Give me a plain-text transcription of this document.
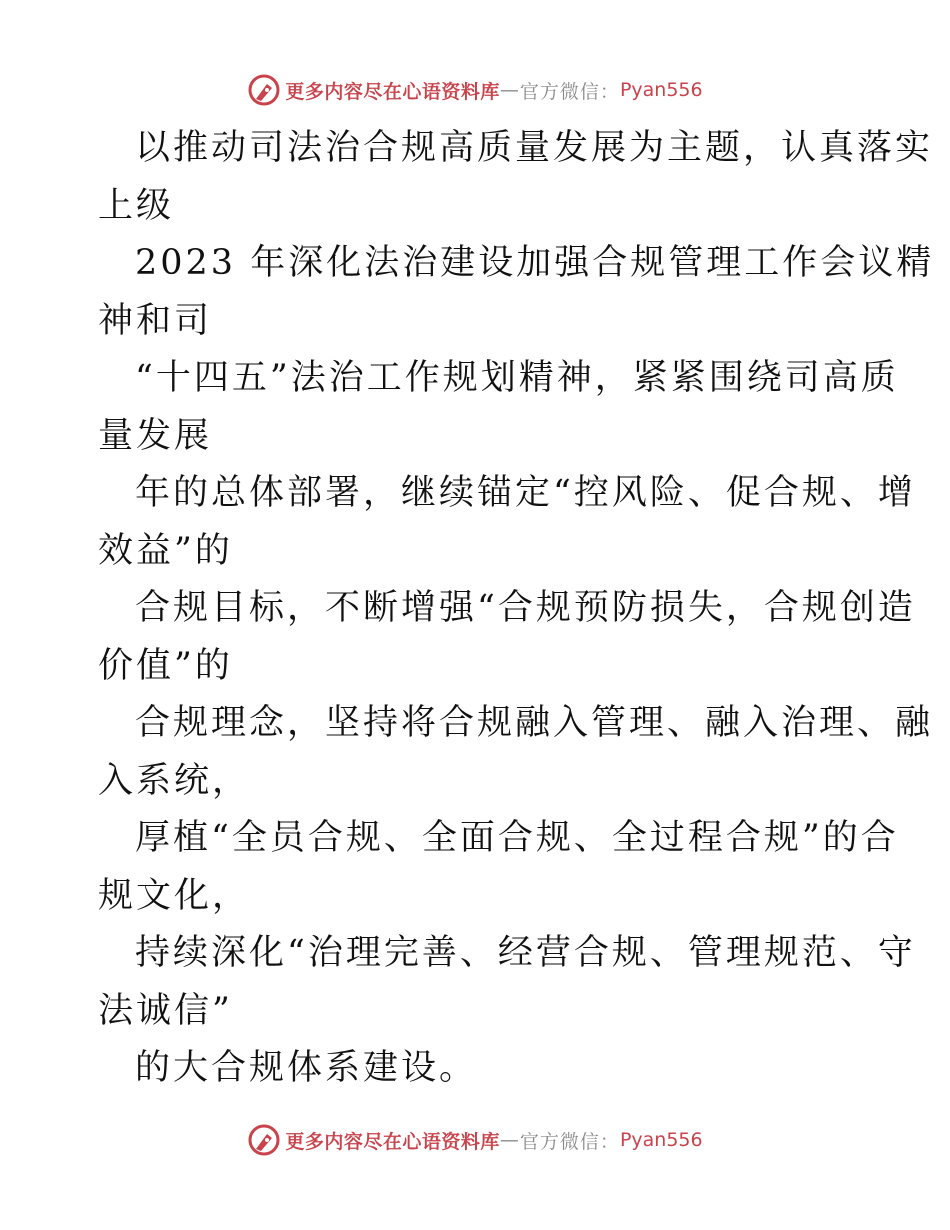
更多内容尽在心语资料库 — 官方微信： Pyan556
以推动司法治合规高质量发展为主题，认真落实
上级
2023 年深化法治建设加强合规管理工作会议精
神和司
“十四五”法治工作规划精神，紧紧围绕司高质
量发展
年的总体部署，继续锚定“控风险、促合规、增
效益”的
合规目标，不断增强“合规预防损失，合规创造
价值”的
合规理念，坚持将合规融入管理、融入治理、融
入系统，
厚植“全员合规、全面合规、全过程合规”的合
规文化，
持续深化“治理完善、经营合规、管理规范、守
法诚信”
的大合规体系建设。
更多内容尽在心语资料库 — 官方微信： Pyan556
